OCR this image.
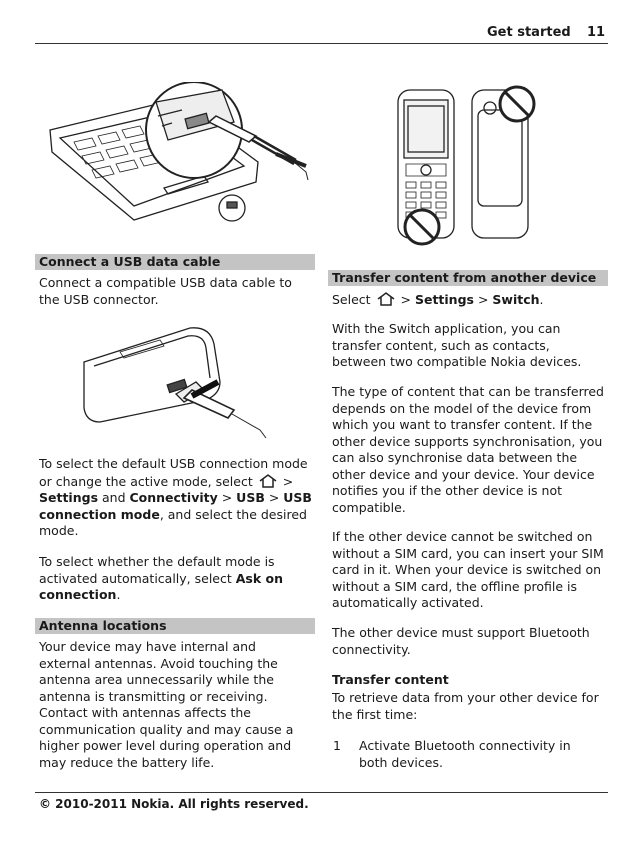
Get started 11
Connect a USB data cable
Connect a compatible USB data cable to the USB connector.
To select the default USB connection mode or change the active mode, select  > Settings and Connectivity > USB > USB connection mode, and select the desired mode.
To select whether the default mode is activated automatically, select Ask on connection.
Antenna locations
Your device may have internal and external antennas. Avoid touching the antenna area unnecessarily while the antenna is transmitting or receiving. Contact with antennas affects the communication quality and may cause a higher power level during operation and may reduce the battery life.
Transfer content from another device
Select  > Settings > Switch.
With the Switch application, you can transfer content, such as contacts, between two compatible Nokia devices.
The type of content that can be transferred depends on the model of the device from which you want to transfer content. If the other device supports synchronisation, you can also synchronise data between the other device and your device. Your device notifies you if the other device is not compatible.
If the other device cannot be switched on without a SIM card, you can insert your SIM card in it. When your device is switched on without a SIM card, the offline profile is automatically activated.
The other device must support Bluetooth connectivity.
Transfer content
To retrieve data from your other device for the first time:
1 Activate Bluetooth connectivity in both devices.
© 2010-2011 Nokia. All rights reserved.
